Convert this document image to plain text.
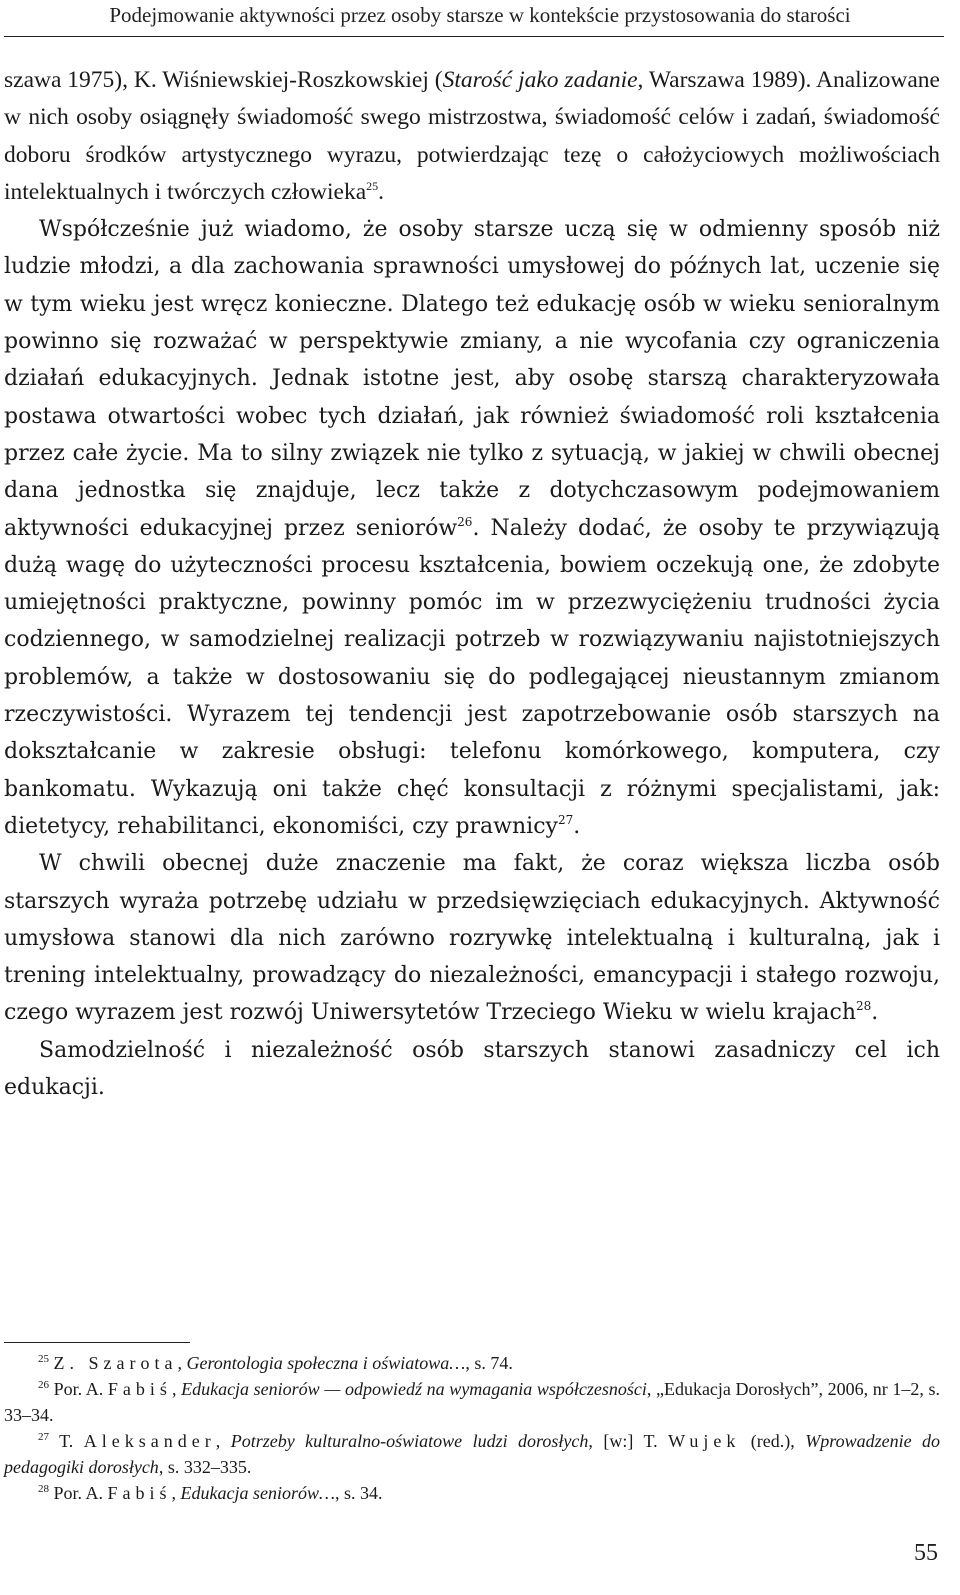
Podejmowanie aktywności przez osoby starsze w kontekście przystosowania do starości

szawa 1975), K. Wiśniewskiej-Roszkowskiej (Starość jako zadanie, Warszawa 1989). Analizowane w nich osoby osiągnęły świadomość swego mistrzostwa, świadomość celów i zadań, świadomość doboru środków artystycznego wyrazu, potwierdzając tezę o całożyciowych możliwościach intelektualnych i twórczych człowieka$^{25}$.

Współcześnie już wiadomo, że osoby starsze uczą się w odmienny sposób niż ludzie młodzi, a dla zachowania sprawności umysłowej do późnych lat, uczenie się w tym wieku jest wręcz konieczne. Dlatego też edukację osób w wieku senioralnym powinno się rozważać w perspektywie zmiany, a nie wycofania czy ograniczenia działań edukacyjnych. Jednak istotne jest, aby osobę starszą charakteryzowała postawa otwartości wobec tych działań, jak również świadomość roli kształcenia przez całe życie. Ma to silny związek nie tylko z sytuacją, w jakiej w chwili obecnej dana jednostka się znajduje, lecz także z dotychczasowym podejmowaniem aktywności edukacyjnej przez seniorów$^{26}$. Należy dodać, że osoby te przywiązują dużą wagę do użyteczności procesu kształcenia, bowiem oczekują one, że zdobyte umiejętności praktyczne, powinny pomóc im w przezwyciężeniu trudności życia codziennego, w samodzielnej realizacji potrzeb w rozwiązywaniu najistotniejszych problemów, a także w dostosowaniu się do podlegającej nieustannym zmianom rzeczywistości. Wyrazem tej tendencji jest zapotrzebowanie osób starszych na dokształcanie w zakresie obsługi: telefonu komórkowego, komputera, czy bankomatu. Wykazują oni także chęć konsultacji z różnymi specjalistami, jak: dietetycy, rehabilitanci, ekonomiści, czy prawnicy$^{27}$.

W chwili obecnej duże znaczenie ma fakt, że coraz większa liczba osób starszych wyraża potrzebę udziału w przedsięwzięciach edukacyjnych. Aktywność umysłowa stanowi dla nich zarówno rozrywkę intelektualną i kulturalną, jak i trening intelektualny, prowadzący do niezależności, emancypacji i stałego rozwoju, czego wyrazem jest rozwój Uniwersytetów Trzeciego Wieku w wielu krajach$^{28}$.

Samodzielność i niezależność osób starszych stanowi zasadniczy cel ich edukacji.

$^{25}$ Z. Szarota, Gerontologia społeczna i oświatowa…, s. 74.

$^{26}$ Por. A. Fabiś, Edukacja seniorów — odpowiedź na wymagania współczesności, „Edukacja Dorosłych”, 2006, nr 1–2, s. 33–34.

$^{27}$ T. Aleksander, Potrzeby kulturalno-oświatowe ludzi dorosłych, [w:] T. Wujek (red.), Wprowadzenie do pedagogiki dorosłych, s. 332–335.

$^{28}$ Por. A. Fabiś, Edukacja seniorów…, s. 34.

55
